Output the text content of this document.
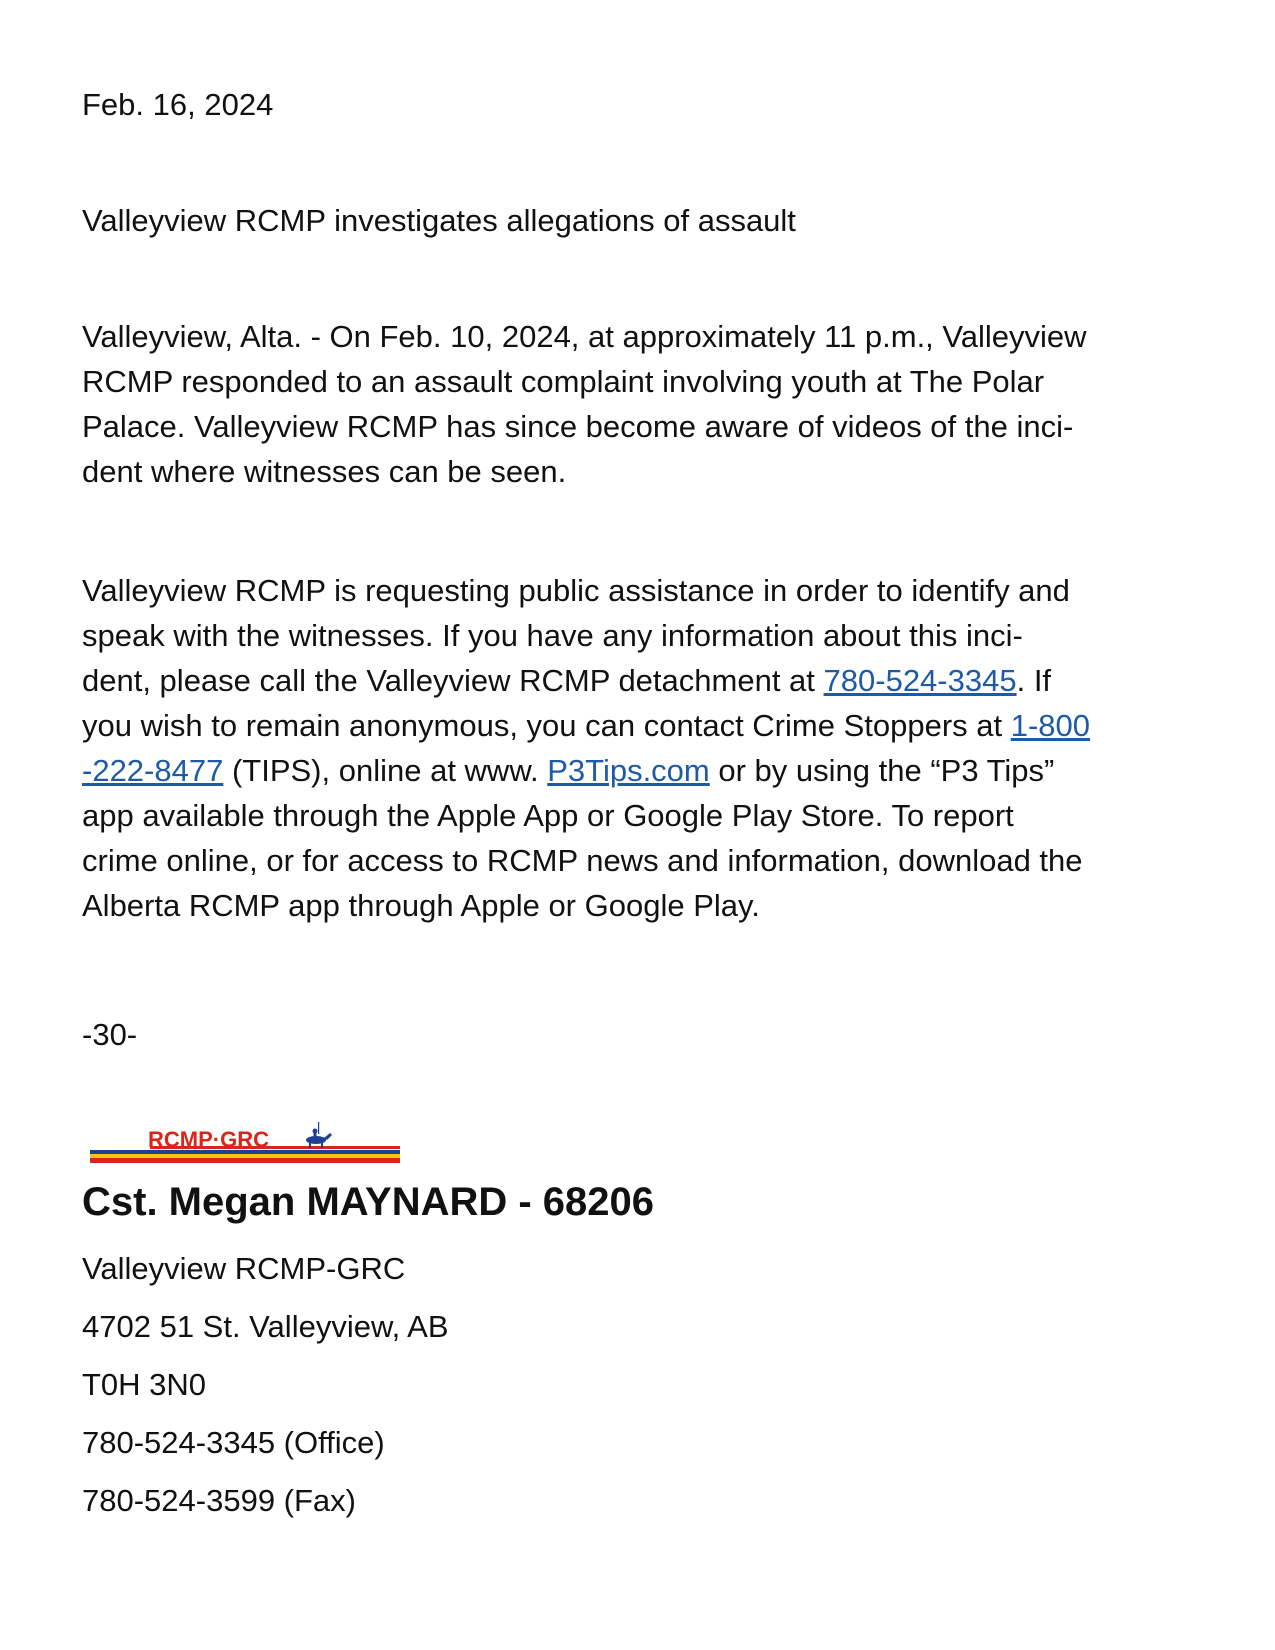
Feb. 16, 2024
Valleyview RCMP investigates allegations of assault
Valleyview, Alta. - On Feb. 10, 2024, at approximately 11 p.m., Valleyview
RCMP responded to an assault complaint involving youth at The Polar
Palace. Valleyview RCMP has since become aware of videos of the inci-
dent where witnesses can be seen.
Valleyview RCMP is requesting public assistance in order to identify and
speak with the witnesses. If you have any information about this inci-
dent, please call the Valleyview RCMP detachment at 780-524-3345. If
you wish to remain anonymous, you can contact Crime Stoppers at 1-800
-222-8477 (TIPS), online at www. P3Tips.com or by using the “P3 Tips”
app available through the Apple App or Google Play Store. To report
crime online, or for access to RCMP news and information, download the
Alberta RCMP app through Apple or Google Play.
-30-
RCMP·GRC
Cst. Megan MAYNARD - 68206
Valleyview RCMP-GRC
4702 51 St. Valleyview, AB
T0H 3N0
780-524-3345 (Office)
780-524-3599 (Fax)
